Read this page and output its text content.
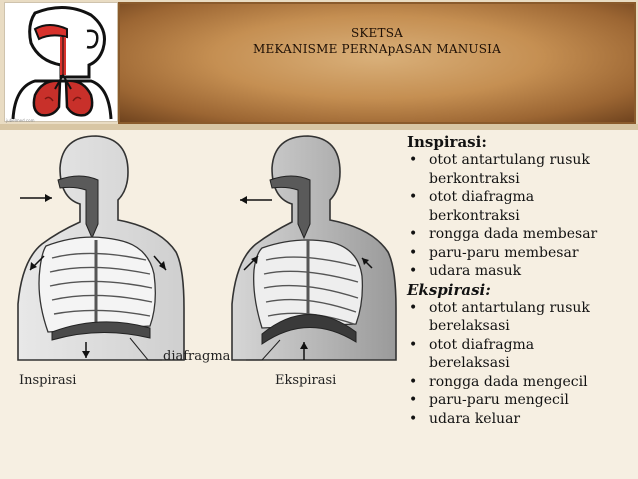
jubelmed.com
SKETSA
MEKANISME PERNApASAN MANUSIA
Inspirasi
diafragma
Ekspirasi
Inspirasi:
• otot antartulang rusuk
berkontraksi
• otot diafragma
berkontraksi
• rongga dada membesar
• paru-paru membesar
• udara masuk
Ekspirasi:
• otot antartulang rusuk
berelaksasi
• otot diafragma
berelaksasi
• rongga dada mengecil
• paru-paru mengecil
• udara keluar
